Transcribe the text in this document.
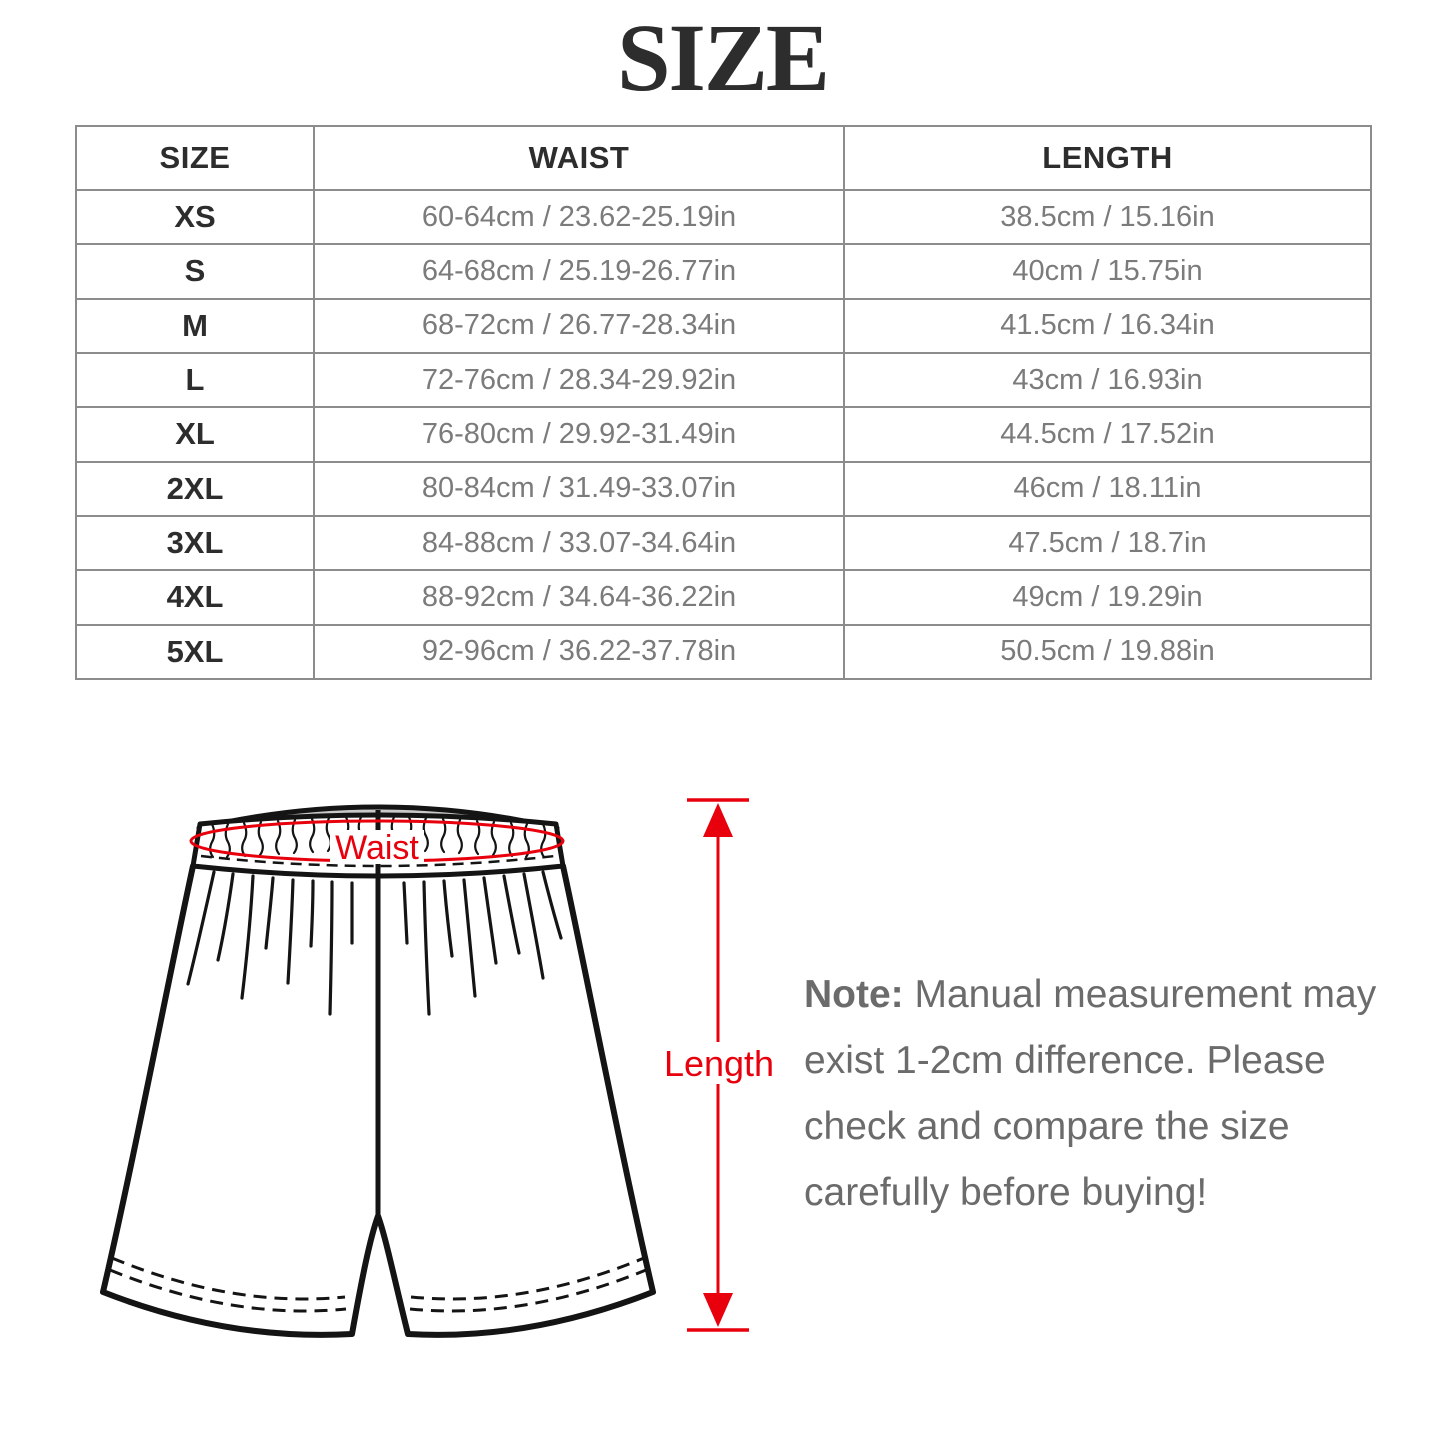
SIZE
SIZE	WAIST	LENGTH
XS	60-64cm / 23.62-25.19in	38.5cm / 15.16in
S	64-68cm / 25.19-26.77in	40cm / 15.75in
M	68-72cm / 26.77-28.34in	41.5cm / 16.34in
L	72-76cm / 28.34-29.92in	43cm / 16.93in
XL	76-80cm / 29.92-31.49in	44.5cm / 17.52in
2XL	80-84cm / 31.49-33.07in	46cm / 18.11in
3XL	84-88cm / 33.07-34.64in	47.5cm / 18.7in
4XL	88-92cm / 34.64-36.22in	49cm / 19.29in
5XL	92-96cm / 36.22-37.78in	50.5cm / 19.88in
Waist
Length
Note: Manual measurement may
exist 1-2cm difference. Please
check and compare the size
carefully before buying!
